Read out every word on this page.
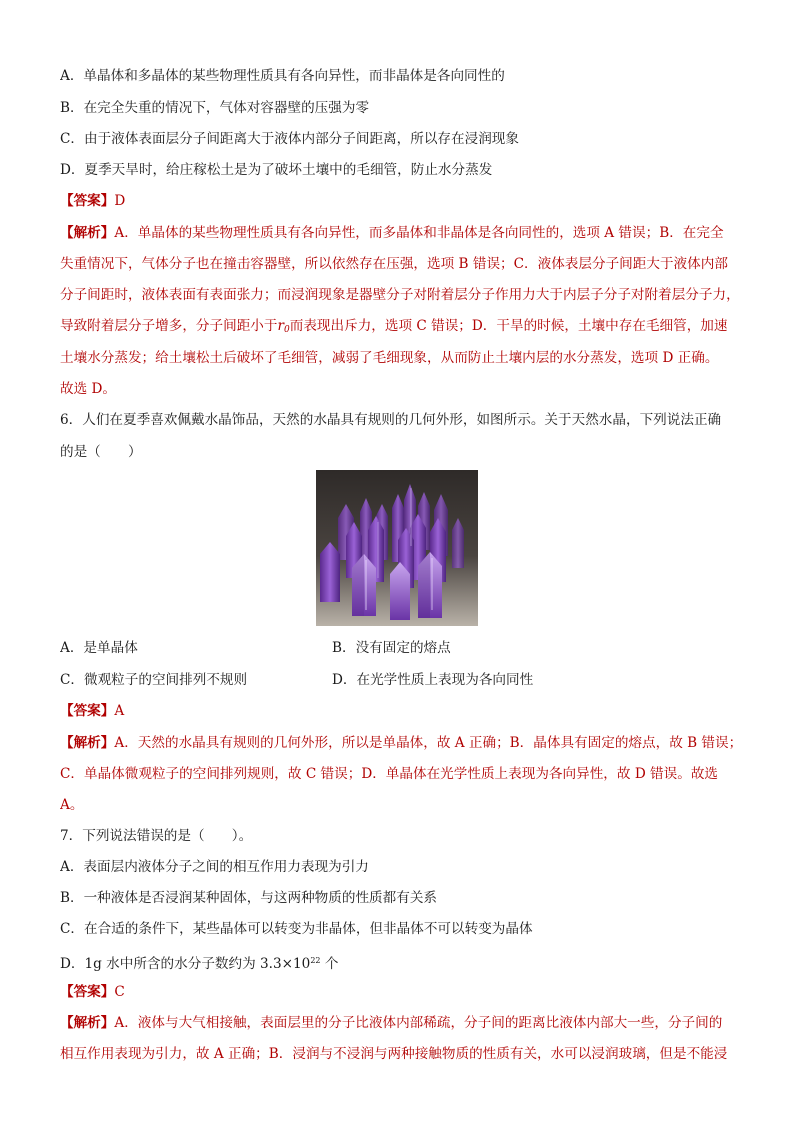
A．单晶体和多晶体的某些物理性质具有各向异性，而非晶体是各向同性的
B．在完全失重的情况下，气体对容器壁的压强为零
C．由于液体表面层分子间距离大于液体内部分子间距离，所以存在浸润现象
D．夏季天旱时，给庄稼松土是为了破坏土壤中的毛细管，防止水分蒸发
【答案】D
【解析】A．单晶体的某些物理性质具有各向异性，而多晶体和非晶体是各向同性的，选项 A 错误；B．在完全
失重情况下，气体分子也在撞击容器壁，所以依然存在压强，选项 B 错误；C．液体表层分子间距大于液体内部
分子间距时，液体表面有表面张力；而浸润现象是器壁分子对附着层分子作用力大于内层子分子对附着层分子力，
导致附着层分子增多，分子间距小于$r_0$而表现出斥力，选项 C 错误；D．干旱的时候，土壤中存在毛细管，加速
土壤水分蒸发；给土壤松土后破坏了毛细管，减弱了毛细现象，从而防止土壤内层的水分蒸发，选项 D 正确。
故选 D。
6．人们在夏季喜欢佩戴水晶饰品，天然的水晶具有规则的几何外形，如图所示。关于天然水晶，下列说法正确
的是（　　）
A．是单晶体	B．没有固定的熔点
C．微观粒子的空间排列不规则	D．在光学性质上表现为各向同性
【答案】A
【解析】A．天然的水晶具有规则的几何外形，所以是单晶体，故 A 正确；B．晶体具有固定的熔点，故 B 错误；
C．单晶体微观粒子的空间排列规则，故 C 错误；D．单晶体在光学性质上表现为各向异性，故 D 错误。故选
A。
7．下列说法错误的是（　　）。
A．表面层内液体分子之间的相互作用力表现为引力
B．一种液体是否浸润某种固体，与这两种物质的性质都有关系
C．在合适的条件下，某些晶体可以转变为非晶体，但非晶体不可以转变为晶体
D．1g 水中所含的水分子数约为 $3.3\times 10^{22}$ 个
【答案】C
【解析】A．液体与大气相接触，表面层里的分子比液体内部稀疏，分子间的距离比液体内部大一些，分子间的
相互作用表现为引力，故 A 正确；B．浸润与不浸润与两种接触物质的性质有关，水可以浸润玻璃，但是不能浸
